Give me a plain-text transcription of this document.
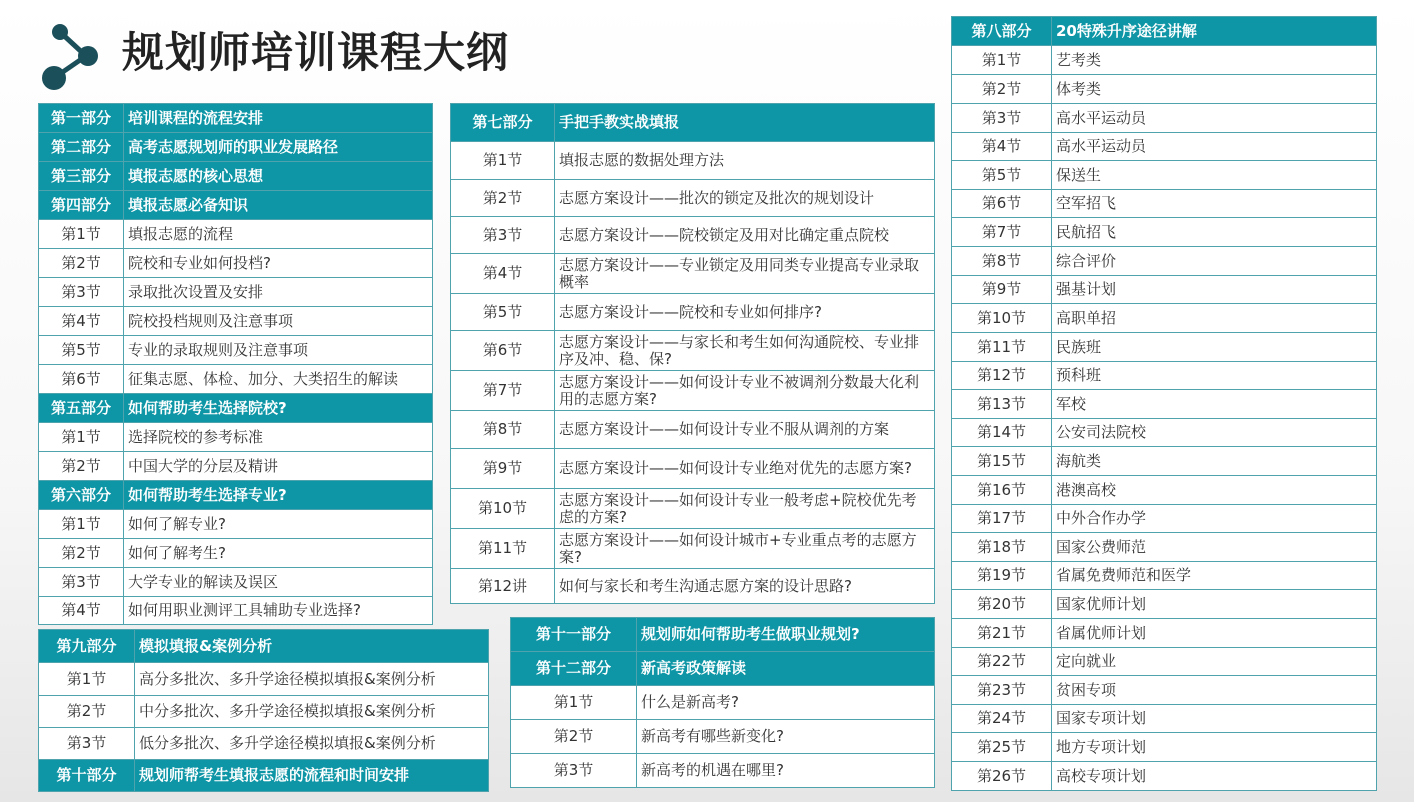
规划师培训课程大纲
第一部分	培训课程的流程安排
第二部分	高考志愿规划师的职业发展路径
第三部分	填报志愿的核心思想
第四部分	填报志愿必备知识
第1节	填报志愿的流程
第2节	院校和专业如何投档?
第3节	录取批次设置及安排
第4节	院校投档规则及注意事项
第5节	专业的录取规则及注意事项
第6节	征集志愿、体检、加分、大类招生的解读
第五部分	如何帮助考生选择院校?
第1节	选择院校的参考标准
第2节	中国大学的分层及精讲
第六部分	如何帮助考生选择专业?
第1节	如何了解专业?
第2节	如何了解考生?
第3节	大学专业的解读及误区
第4节	如何用职业测评工具辅助专业选择?
第九部分	模拟填报&案例分析
第1节	高分多批次、多升学途径模拟填报&案例分析
第2节	中分多批次、多升学途径模拟填报&案例分析
第3节	低分多批次、多升学途径模拟填报&案例分析
第十部分	规划师帮考生填报志愿的流程和时间安排
第七部分	手把手教实战填报
第1节	填报志愿的数据处理方法
第2节	志愿方案设计——批次的锁定及批次的规划设计
第3节	志愿方案设计——院校锁定及用对比确定重点院校
第4节	志愿方案设计——专业锁定及用同类专业提高专业录取概率
第5节	志愿方案设计——院校和专业如何排序?
第6节	志愿方案设计——与家长和考生如何沟通院校、专业排序及冲、稳、保?
第7节	志愿方案设计——如何设计专业不被调剂分数最大化利用的志愿方案?
第8节	志愿方案设计——如何设计专业不服从调剂的方案
第9节	志愿方案设计——如何设计专业绝对优先的志愿方案?
第10节	志愿方案设计——如何设计专业一般考虑+院校优先考虑的方案?
第11节	志愿方案设计——如何设计城市+专业重点考的志愿方案?
第12讲	如何与家长和考生沟通志愿方案的设计思路?
第十一部分	规划师如何帮助考生做职业规划?
第十二部分	新高考政策解读
第1节	什么是新高考?
第2节	新高考有哪些新变化?
第3节	新高考的机遇在哪里?
第八部分	20特殊升序途径讲解
第1节	艺考类
第2节	体考类
第3节	高水平运动员
第4节	高水平运动员
第5节	保送生
第6节	空军招飞
第7节	民航招飞
第8节	综合评价
第9节	强基计划
第10节	高职单招
第11节	民族班
第12节	预科班
第13节	军校
第14节	公安司法院校
第15节	海航类
第16节	港澳高校
第17节	中外合作办学
第18节	国家公费师范
第19节	省属免费师范和医学
第20节	国家优师计划
第21节	省属优师计划
第22节	定向就业
第23节	贫困专项
第24节	国家专项计划
第25节	地方专项计划
第26节	高校专项计划
